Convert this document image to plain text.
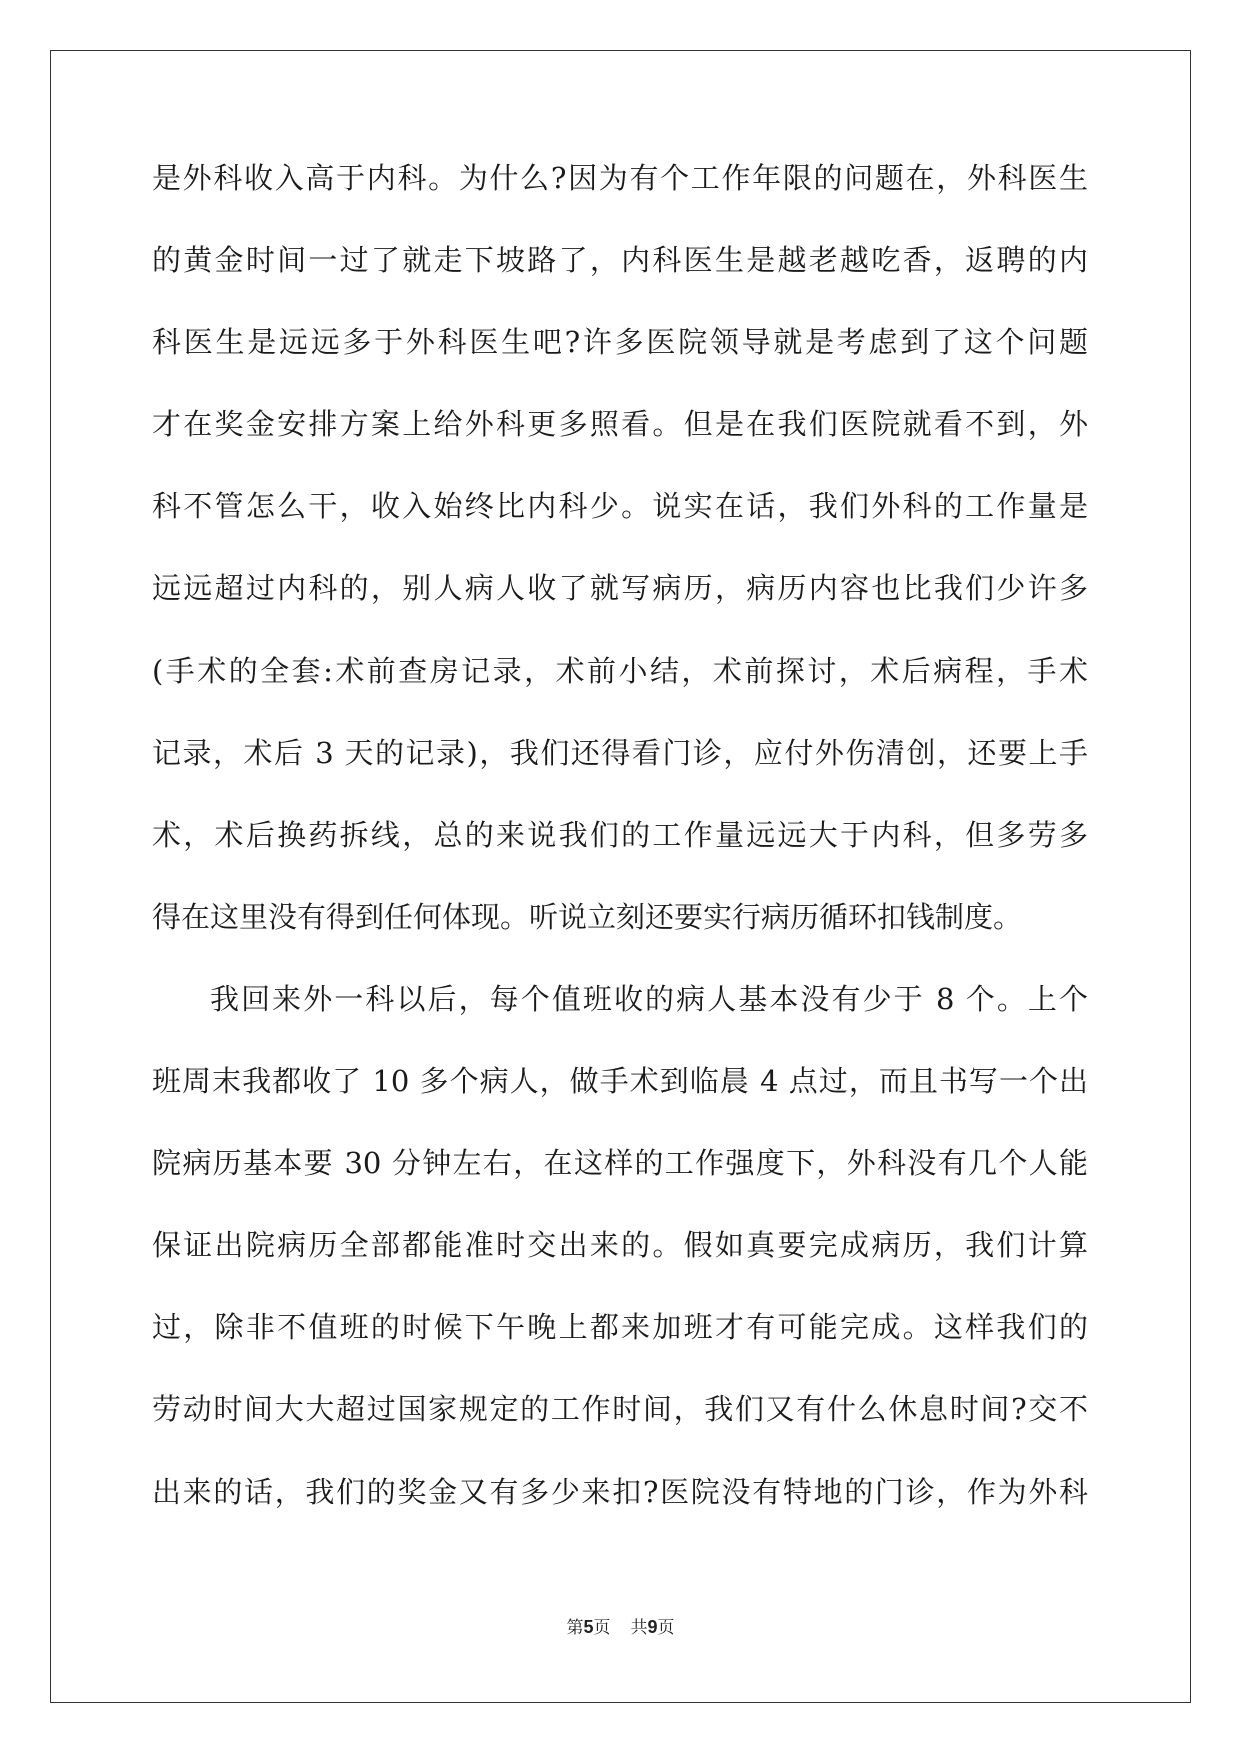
是外科收入高于内科。为什么?因为有个工作年限的问题在，外科医生
的黄金时间一过了就走下坡路了，内科医生是越老越吃香，返聘的内
科医生是远远多于外科医生吧?许多医院领导就是考虑到了这个问题
才在奖金安排方案上给外科更多照看。但是在我们医院就看不到，外
科不管怎么干，收入始终比内科少。说实在话，我们外科的工作量是
远远超过内科的，别人病人收了就写病历，病历内容也比我们少许多
(手术的全套:术前查房记录，术前小结，术前探讨，术后病程，手术
记录，术后 3 天的记录)，我们还得看门诊，应付外伤清创，还要上手
术，术后换药拆线，总的来说我们的工作量远远大于内科，但多劳多
得在这里没有得到任何体现。听说立刻还要实行病历循环扣钱制度。
我回来外一科以后，每个值班收的病人基本没有少于 8 个。上个
班周末我都收了 10 多个病人，做手术到临晨 4 点过，而且书写一个出
院病历基本要 30 分钟左右，在这样的工作强度下，外科没有几个人能
保证出院病历全部都能准时交出来的。假如真要完成病历，我们计算
过，除非不值班的时候下午晚上都来加班才有可能完成。这样我们的
劳动时间大大超过国家规定的工作时间，我们又有什么休息时间?交不
出来的话，我们的奖金又有多少来扣?医院没有特地的门诊，作为外科
第5页 共9页
